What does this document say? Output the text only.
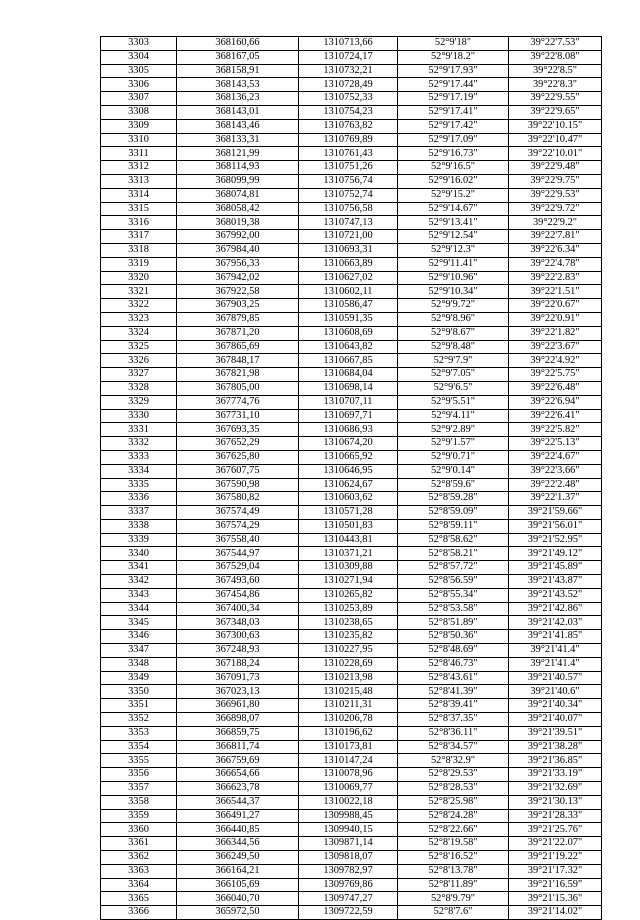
3303	368160,66	1310713,66	52°9'18"	39°22'7.53"
3304	368167,05	1310724,17	52°9'18.2"	39°22'8.08"
3305	368158,91	1310732,21	52°9'17.93"	39°22'8.5"
3306	368143,53	1310728,49	52°9'17.44"	39°22'8.3"
3307	368136,23	1310752,33	52°9'17.19"	39°22'9.55"
3308	368143,01	1310754,23	52°9'17.41"	39°22'9.65"
3309	368143,46	1310763,82	52°9'17.42"	39°22'10.15"
3310	368133,31	1310769,89	52°9'17.09"	39°22'10.47"
3311	368121,99	1310761,43	52°9'16.73"	39°22'10.01"
3312	368114,93	1310751,26	52°9'16.5"	39°22'9.48"
3313	368099,99	1310756,74	52°9'16.02"	39°22'9.75"
3314	368074,81	1310752,74	52°9'15.2"	39°22'9.53"
3315	368058,42	1310756,58	52°9'14.67"	39°22'9.72"
3316	368019,38	1310747,13	52°9'13.41"	39°22'9.2"
3317	367992,00	1310721,00	52°9'12.54"	39°22'7.81"
3318	367984,40	1310693,31	52°9'12.3"	39°22'6.34"
3319	367956,33	1310663,89	52°9'11.41"	39°22'4.78"
3320	367942,02	1310627,02	52°9'10.96"	39°22'2.83"
3321	367922,58	1310602,11	52°9'10.34"	39°22'1.51"
3322	367903,25	1310586,47	52°9'9.72"	39°22'0.67"
3323	367879,85	1310591,35	52°9'8.96"	39°22'0.91"
3324	367871,20	1310608,69	52°9'8.67"	39°22'1.82"
3325	367865,69	1310643,82	52°9'8.48"	39°22'3.67"
3326	367848,17	1310667,85	52°9'7.9"	39°22'4.92"
3327	367821,98	1310684,04	52°9'7.05"	39°22'5.75"
3328	367805,00	1310698,14	52°9'6.5"	39°22'6.48"
3329	367774,76	1310707,11	52°9'5.51"	39°22'6.94"
3330	367731,10	1310697,71	52°9'4.11"	39°22'6.41"
3331	367693,35	1310686,93	52°9'2.89"	39°22'5.82"
3332	367652,29	1310674,20	52°9'1.57"	39°22'5.13"
3333	367625,80	1310665,92	52°9'0.71"	39°22'4.67"
3334	367607,75	1310646,95	52°9'0.14"	39°22'3.66"
3335	367590,98	1310624,67	52°8'59.6"	39°22'2.48"
3336	367580,82	1310603,62	52°8'59.28"	39°22'1.37"
3337	367574,49	1310571,28	52°8'59.09"	39°21'59.66"
3338	367574,29	1310501,83	52°8'59.11"	39°21'56.01"
3339	367558,40	1310443,81	52°8'58.62"	39°21'52.95"
3340	367544,97	1310371,21	52°8'58.21"	39°21'49.12"
3341	367529,04	1310309,88	52°8'57.72"	39°21'45.89"
3342	367493,60	1310271,94	52°8'56.59"	39°21'43.87"
3343	367454,86	1310265,82	52°8'55.34"	39°21'43.52"
3344	367400,34	1310253,89	52°8'53.58"	39°21'42.86"
3345	367348,03	1310238,65	52°8'51.89"	39°21'42.03"
3346	367300,63	1310235,82	52°8'50.36"	39°21'41.85"
3347	367248,93	1310227,95	52°8'48.69"	39°21'41.4"
3348	367188,24	1310228,69	52°8'46.73"	39°21'41.4"
3349	367091,73	1310213,98	52°8'43.61"	39°21'40.57"
3350	367023,13	1310215,48	52°8'41.39"	39°21'40.6"
3351	366961,80	1310211,31	52°8'39.41"	39°21'40.34"
3352	366898,07	1310206,78	52°8'37.35"	39°21'40.07"
3353	366859,75	1310196,62	52°8'36.11"	39°21'39.51"
3354	366811,74	1310173,81	52°8'34.57"	39°21'38.28"
3355	366759,69	1310147,24	52°8'32.9"	39°21'36.85"
3356	366654,66	1310078,96	52°8'29.53"	39°21'33.19"
3357	366623,78	1310069,77	52°8'28.53"	39°21'32.69"
3358	366544,37	1310022,18	52°8'25.98"	39°21'30.13"
3359	366491,27	1309988,45	52°8'24.28"	39°21'28.33"
3360	366440,85	1309940,15	52°8'22.66"	39°21'25.76"
3361	366344,56	1309871,14	52°8'19.58"	39°21'22.07"
3362	366249,50	1309818,07	52°8'16.52"	39°21'19.22"
3363	366164,21	1309782,97	52°8'13.78"	39°21'17.32"
3364	366105,69	1309769,86	52°8'11.89"	39°21'16.59"
3365	366040,70	1309747,27	52°8'9.79"	39°21'15.36"
3366	365972,50	1309722,59	52°8'7.6"	39°21'14.02"
